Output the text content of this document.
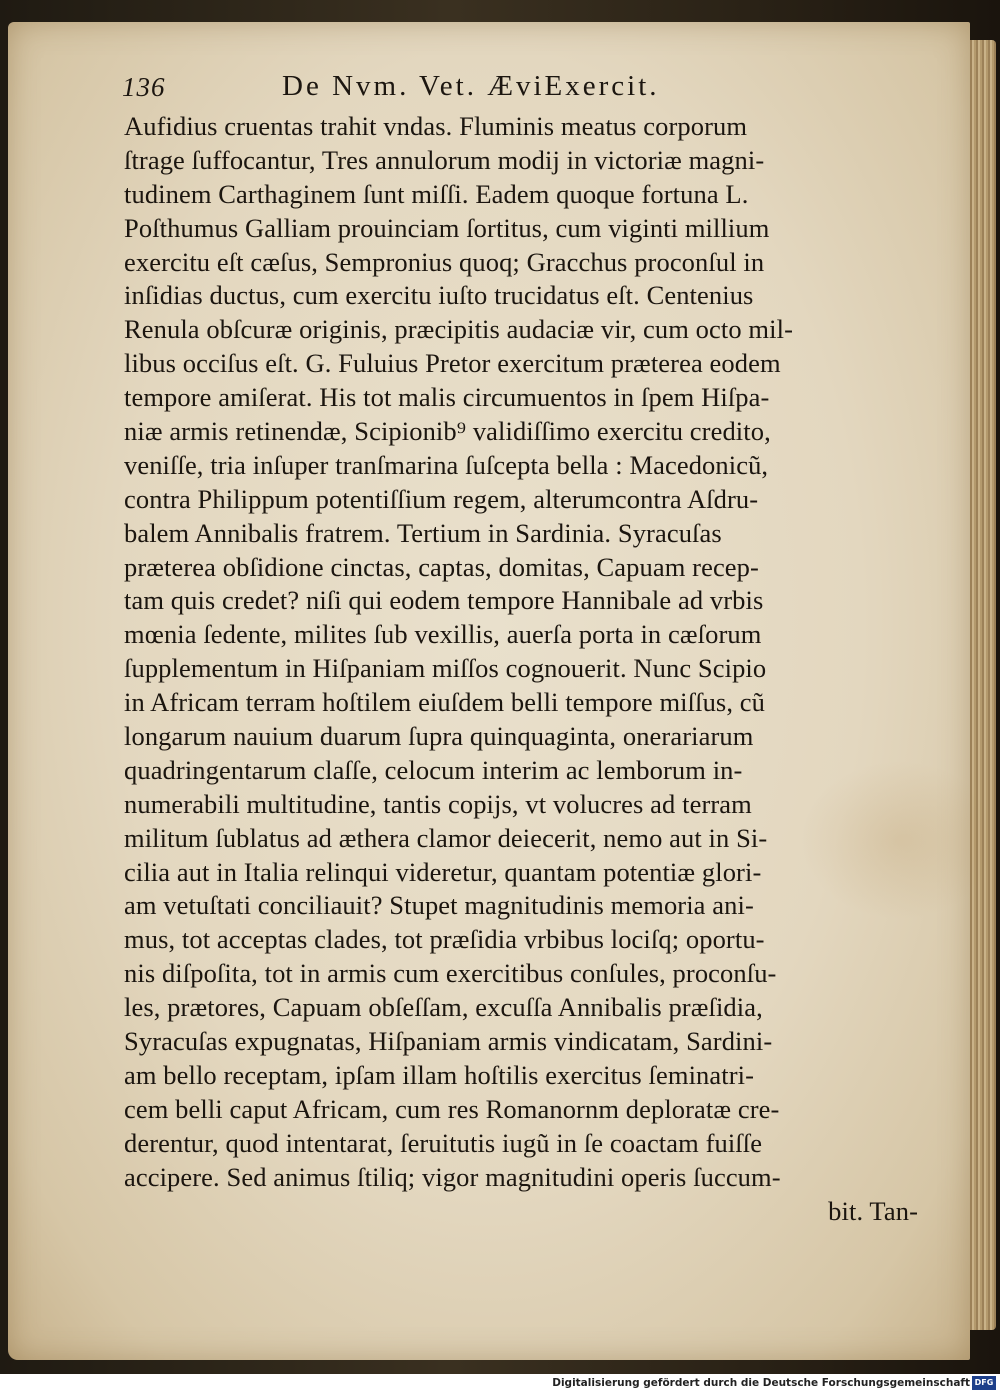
136	De Nvm. Vet. ÆviExercit.
Aufidius cruentas trahit vndas. Fluminis meatus corporum
ſtrage ſuffocantur, Tres annulorum modij in victoriæ magni-
tudinem Carthaginem ſunt miſſi. Eadem quoque fortuna L.
Poſthumus Galliam prouinciam ſortitus, cum viginti millium
exercitu eſt cæſus, Sempronius quoq; Gracchus proconſul in
inſidias ductus, cum exercitu iuſto trucidatus eſt. Centenius
Renula obſcuræ originis, præcipitis audaciæ vir, cum octo mil-
libus occiſus eſt. G. Fuluius Pretor exercitum præterea eodem
tempore amiſerat. His tot malis circumuentos in ſpem Hiſpa-
niæ armis retinendæ, Scipionib⁹ validiſſimo exercitu credito,
veniſſe, tria inſuper tranſmarina ſuſcepta bella : Macedonicũ,
contra Philippum potentiſſium regem, alterumcontra Aſdru-
balem Annibalis fratrem. Tertium in Sardinia. Syracuſas
præterea obſidione cinctas, captas, domitas, Capuam recep-
tam quis credet? niſi qui eodem tempore Hannibale ad vrbis
mœnia ſedente, milites ſub vexillis, auerſa porta in cæſorum
ſupplementum in Hiſpaniam miſſos cognouerit. Nunc Scipio
in Africam terram hoſtilem eiuſdem belli tempore miſſus, cũ
longarum nauium duarum ſupra quinquaginta, onerariarum
quadringentarum claſſe, celocum interim ac lemborum in-
numerabili multitudine, tantis copijs, vt volucres ad terram
militum ſublatus ad æthera clamor deiecerit, nemo aut in Si-
cilia aut in Italia relinqui videretur, quantam potentiæ glori-
am vetuſtati conciliauit? Stupet magnitudinis memoria ani-
mus, tot acceptas clades, tot præſidia vrbibus lociſq; oportu-
nis diſpoſita, tot in armis cum exercitibus conſules, proconſu-
les, prætores, Capuam obſeſſam, excuſſa Annibalis præſidia,
Syracuſas expugnatas, Hiſpaniam armis vindicatam, Sardini-
am bello receptam, ipſam illam hoſtilis exercitus ſeminatri-
cem belli caput Africam, cum res Romanornm deploratæ cre-
derentur, quod intentarat, ſeruitutis iugũ in ſe coactam fuiſſe
accipere. Sed animus ſtiliq; vigor magnitudini operis ſuccum-
bit. Tan-
Digitalisierung gefördert durch die Deutsche Forschungsgemeinschaft DFG
